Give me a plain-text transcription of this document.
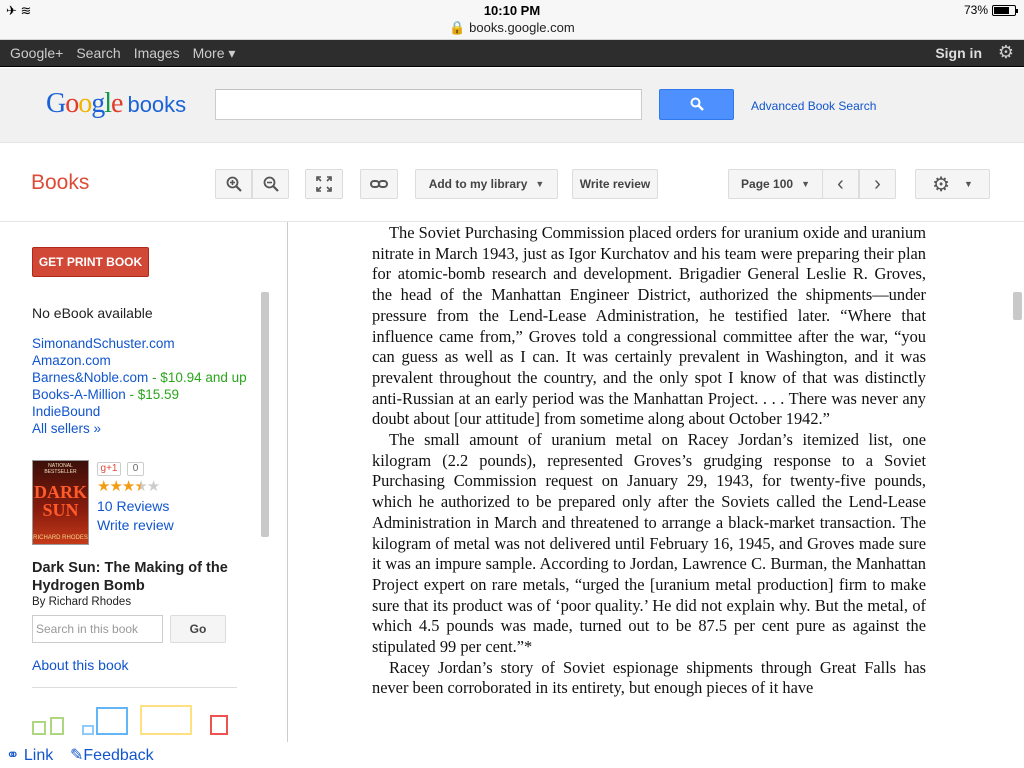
✈ ≋	10:10 PM
🔒 books.google.com
73%
Google+ Search Images More ▾	Sign in ⚙
Google books	Advanced Book Search
Books	Add to my library ▼	Write review	Page 100 ▼ ‹ ›	⚙ ▼
GET PRINT BOOK
No eBook available
SimonandSchuster.com
Amazon.com
Barnes&Noble.com - $10.94 and up
Books-A-Million - $15.59
IndieBound
All sellers »
NATIONAL BESTSELLER
DARK SUN
RICHARD RHODES
g+1	0
★★★★★
10 Reviews
Write review
Dark Sun: The Making of the Hydrogen Bomb
By Richard Rhodes
Search in this book	Go
About this book

The Soviet Purchasing Commission placed orders for uranium oxide and uranium nitrate in March 1943, just as Igor Kurchatov and his team were preparing their plan for atomic-bomb research and development. Brigadier General Leslie R. Groves, the head of the Manhattan Engineer District, authorized the shipments—under pressure from the Lend-Lease Administration, he testified later. “Where that influence came from,” Groves told a congressional committee after the war, “you can guess as well as I can. It was certainly prevalent in Washington, and it was prevalent throughout the country, and the only spot I know of that was distinctly anti-Russian at an early period was the Manhattan Project. . . . There was never any doubt about [our attitude] from sometime along about October 1942.”

The small amount of uranium metal on Racey Jordan’s itemized list, one kilogram (2.2 pounds), represented Groves’s grudging response to a Soviet Purchasing Commission request on January 29, 1943, for twenty-five pounds, which he authorized to be prepared only after the Soviets called the Lend-Lease Administration in March and threatened to arrange a black-market transaction. The kilogram of metal was not delivered until February 16, 1945, and Groves made sure it was an impure sample. According to Jordan, Lawrence C. Burman, the Manhattan Project expert on rare metals, “urged the [uranium metal production] firm to make sure that its product was of ‘poor quality.’ He did not explain why. But the metal, of which 4.5 pounds was made, turned out to be 87.5 per cent pure as against the stipulated 99 per cent.”*

Racey Jordan’s story of Soviet espionage shipments through Great Falls has never been corroborated in its entirety, but enough pieces of it have

⚭ Link ✎Feedback
